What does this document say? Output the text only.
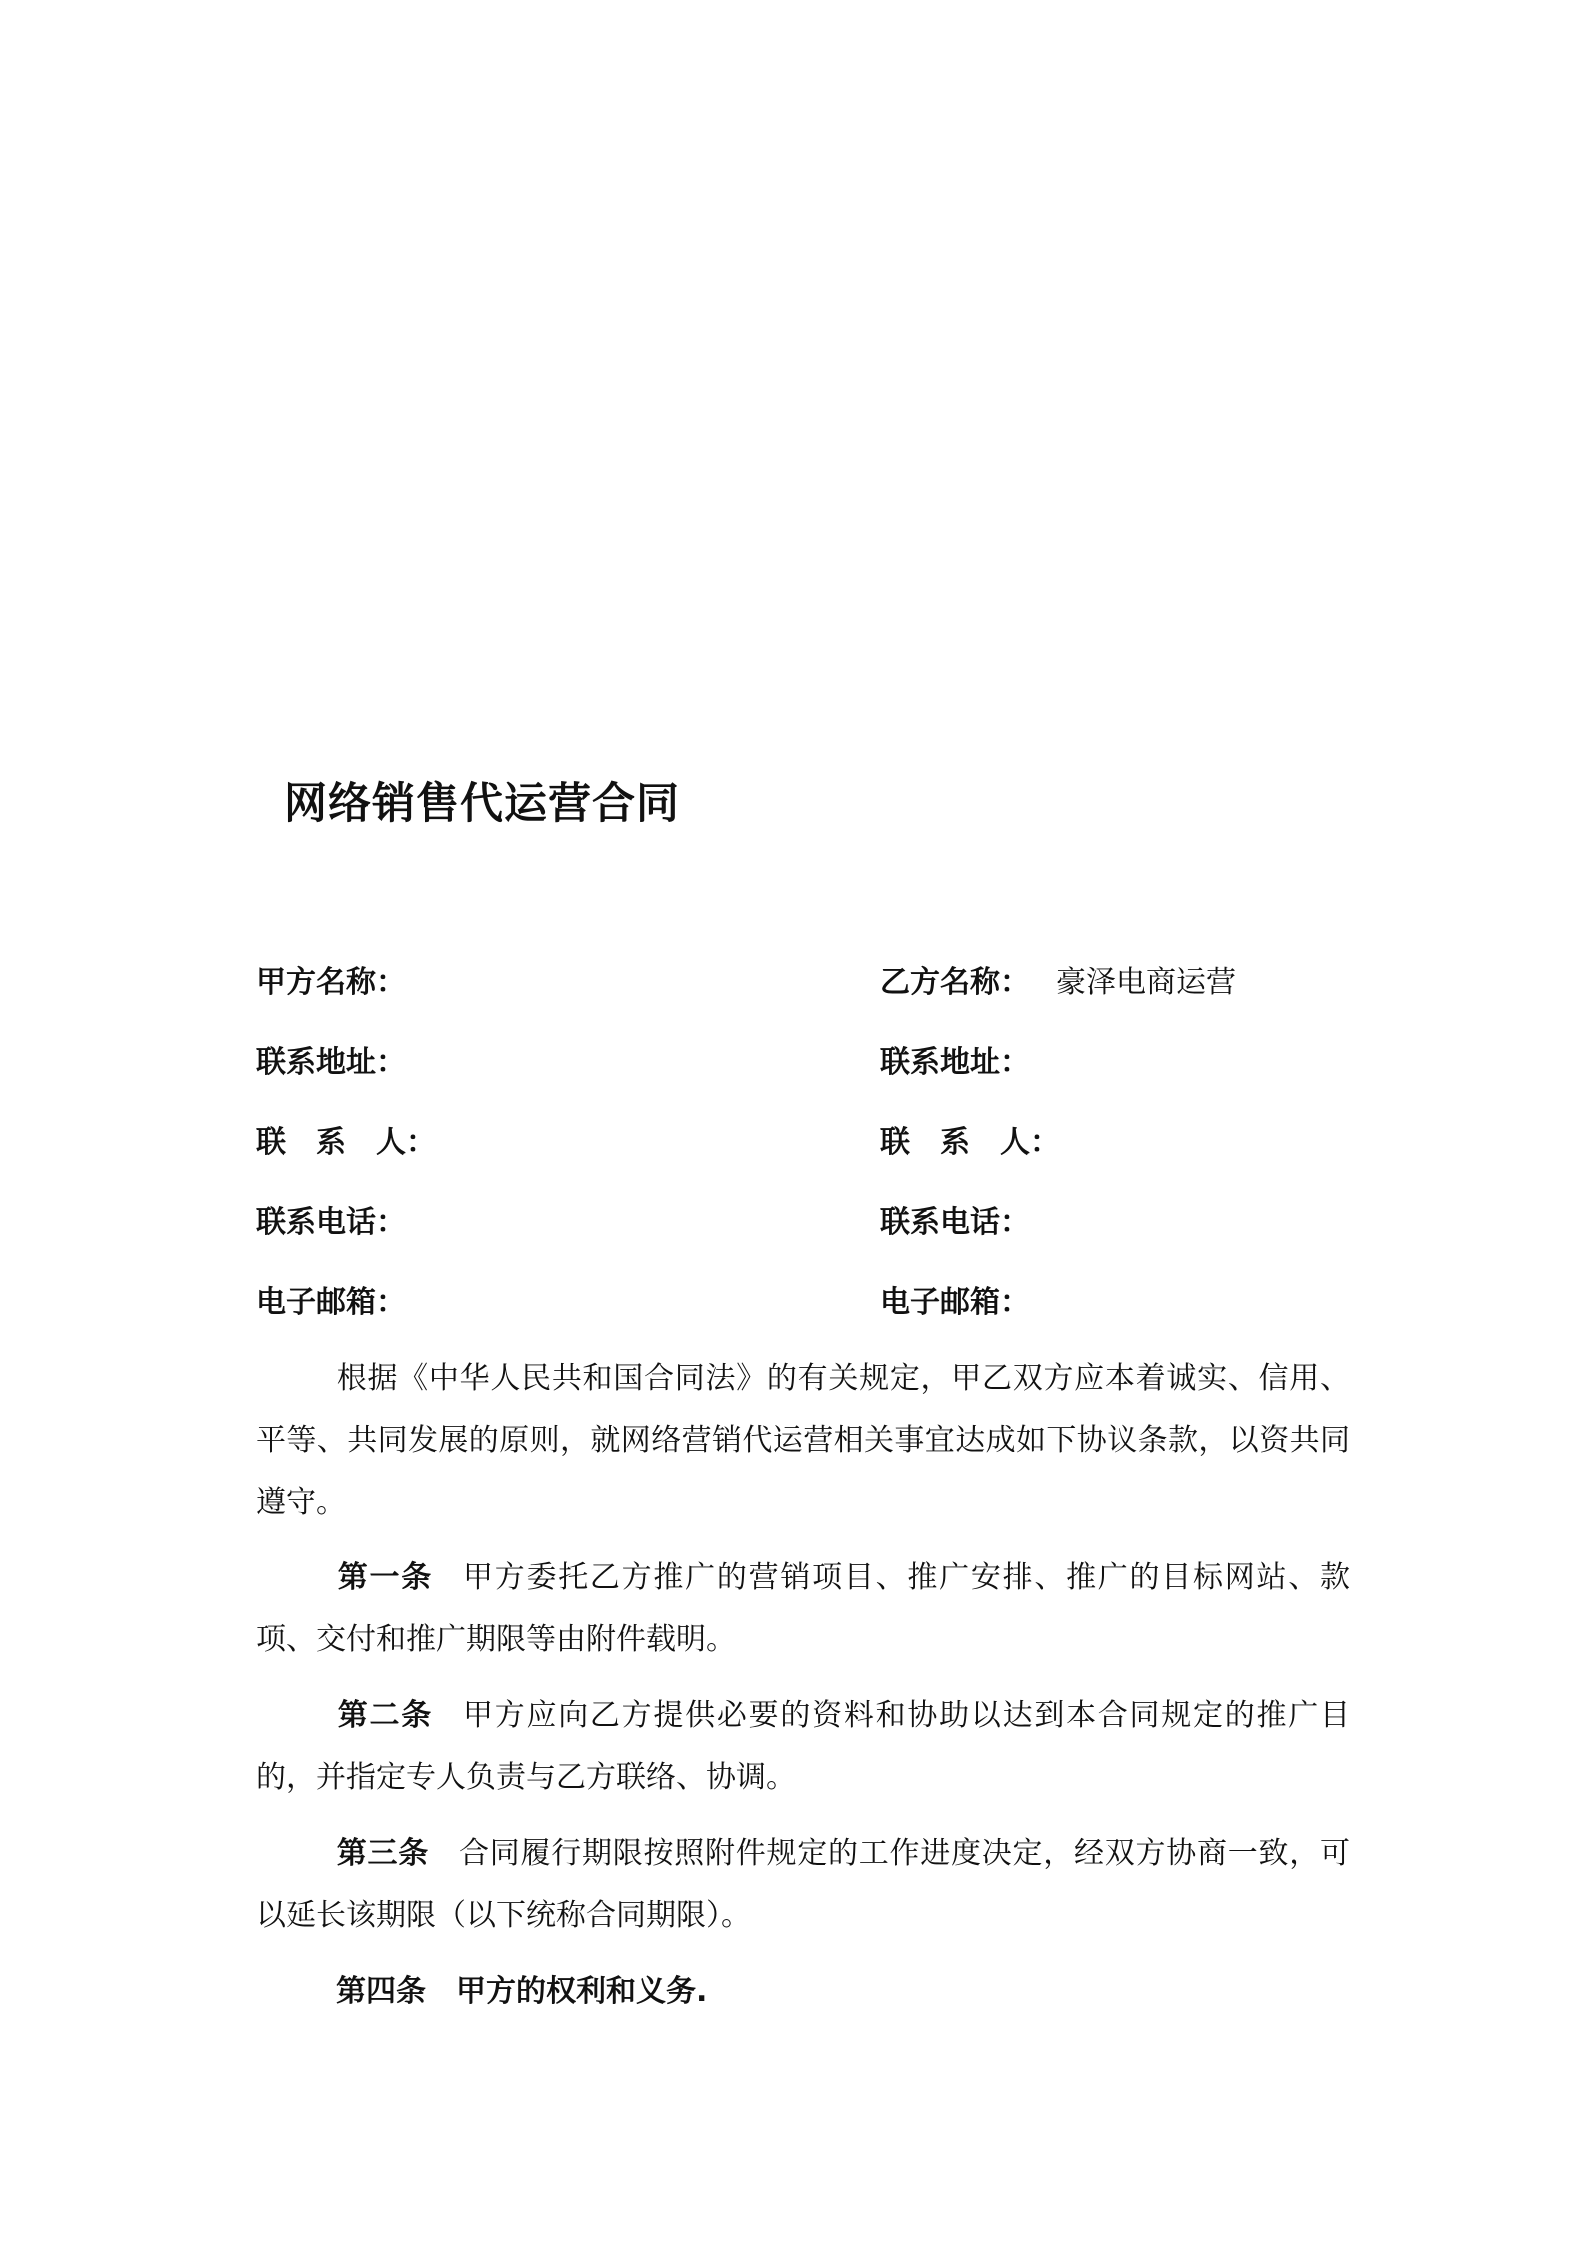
网络销售代运营合同
甲方名称：	乙方名称： 豪泽电商运营
联系地址：	联系地址：
联　系　人：	联　系　人：
联系电话：	联系电话：
电子邮箱：	电子邮箱：
根据《中华人民共和国合同法》的有关规定，甲乙双方应本着诚实、信用、平等、共同发展的原则，就网络营销代运营相关事宜达成如下协议条款，以资共同遵守。
第一条 甲方委托乙方推广的营销项目、推广安排、推广的目标网站、款项、交付和推广期限等由附件载明。
第二条 甲方应向乙方提供必要的资料和协助以达到本合同规定的推广目的，并指定专人负责与乙方联络、协调。
第三条 合同履行期限按照附件规定的工作进度决定，经双方协商一致，可以延长该期限（以下统称合同期限）。
第四条 甲方的权利和义务.
